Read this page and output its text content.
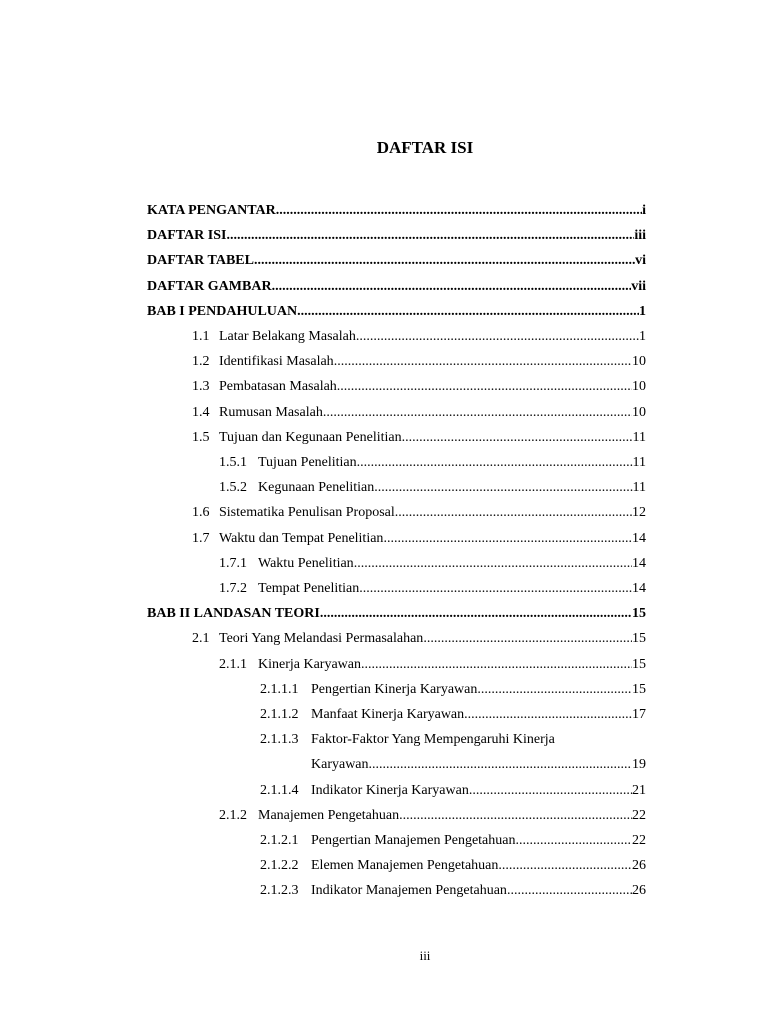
DAFTAR ISI
KATA PENGANTAR .....	i
DAFTAR ISI .....	iii
DAFTAR TABEL .....	vi
DAFTAR GAMBAR .....	vii
BAB I PENDAHULUAN .....	1
1.1 Latar Belakang Masalah .....	1
1.2 Identifikasi Masalah .....	10
1.3 Pembatasan Masalah .....	10
1.4 Rumusan Masalah .....	10
1.5 Tujuan dan Kegunaan Penelitian .....	11
1.5.1 Tujuan Penelitian .....	11
1.5.2 Kegunaan Penelitian .....	11
1.6 Sistematika Penulisan Proposal .....	12
1.7 Waktu dan Tempat Penelitian .....	14
1.7.1 Waktu Penelitian .....	14
1.7.2 Tempat Penelitian .....	14
BAB II LANDASAN TEORI .....	15
2.1 Teori Yang Melandasi Permasalahan .....	15
2.1.1 Kinerja Karyawan .....	15
2.1.1.1 Pengertian Kinerja Karyawan .....	15
2.1.1.2 Manfaat Kinerja Karyawan .....	17
2.1.1.3 Faktor-Faktor Yang Mempengaruhi Kinerja
Karyawan .....	19
2.1.1.4 Indikator Kinerja Karyawan .....	21
2.1.2 Manajemen Pengetahuan .....	22
2.1.2.1 Pengertian Manajemen Pengetahuan .....	22
2.1.2.2 Elemen Manajemen Pengetahuan .....	26
2.1.2.3 Indikator Manajemen Pengetahuan .....	26
iii
